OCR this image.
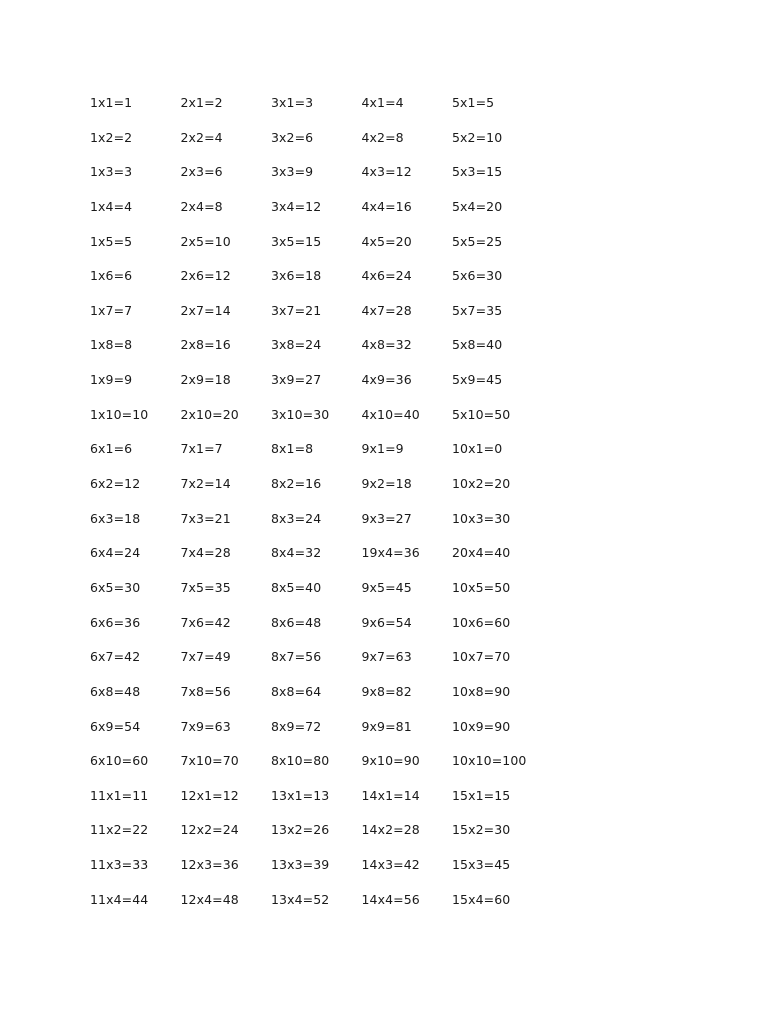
1x1=1	2x1=2	3x1=3	4x1=4	5x1=5
1x2=2	2x2=4	3x2=6	4x2=8	5x2=10
1x3=3	2x3=6	3x3=9	4x3=12	5x3=15
1x4=4	2x4=8	3x4=12	4x4=16	5x4=20
1x5=5	2x5=10	3x5=15	4x5=20	5x5=25
1x6=6	2x6=12	3x6=18	4x6=24	5x6=30
1x7=7	2x7=14	3x7=21	4x7=28	5x7=35
1x8=8	2x8=16	3x8=24	4x8=32	5x8=40
1x9=9	2x9=18	3x9=27	4x9=36	5x9=45
1x10=10	2x10=20	3x10=30	4x10=40	5x10=50
6x1=6	7x1=7	8x1=8	9x1=9	10x1=0
6x2=12	7x2=14	8x2=16	9x2=18	10x2=20
6x3=18	7x3=21	8x3=24	9x3=27	10x3=30
6x4=24	7x4=28	8x4=32	19x4=36	20x4=40
6x5=30	7x5=35	8x5=40	9x5=45	10x5=50
6x6=36	7x6=42	8x6=48	9x6=54	10x6=60
6x7=42	7x7=49	8x7=56	9x7=63	10x7=70
6x8=48	7x8=56	8x8=64	9x8=82	10x8=90
6x9=54	7x9=63	8x9=72	9x9=81	10x9=90
6x10=60	7x10=70	8x10=80	9x10=90	10x10=100
11x1=11	12x1=12	13x1=13	14x1=14	15x1=15
11x2=22	12x2=24	13x2=26	14x2=28	15x2=30
11x3=33	12x3=36	13x3=39	14x3=42	15x3=45
11x4=44	12x4=48	13x4=52	14x4=56	15x4=60
